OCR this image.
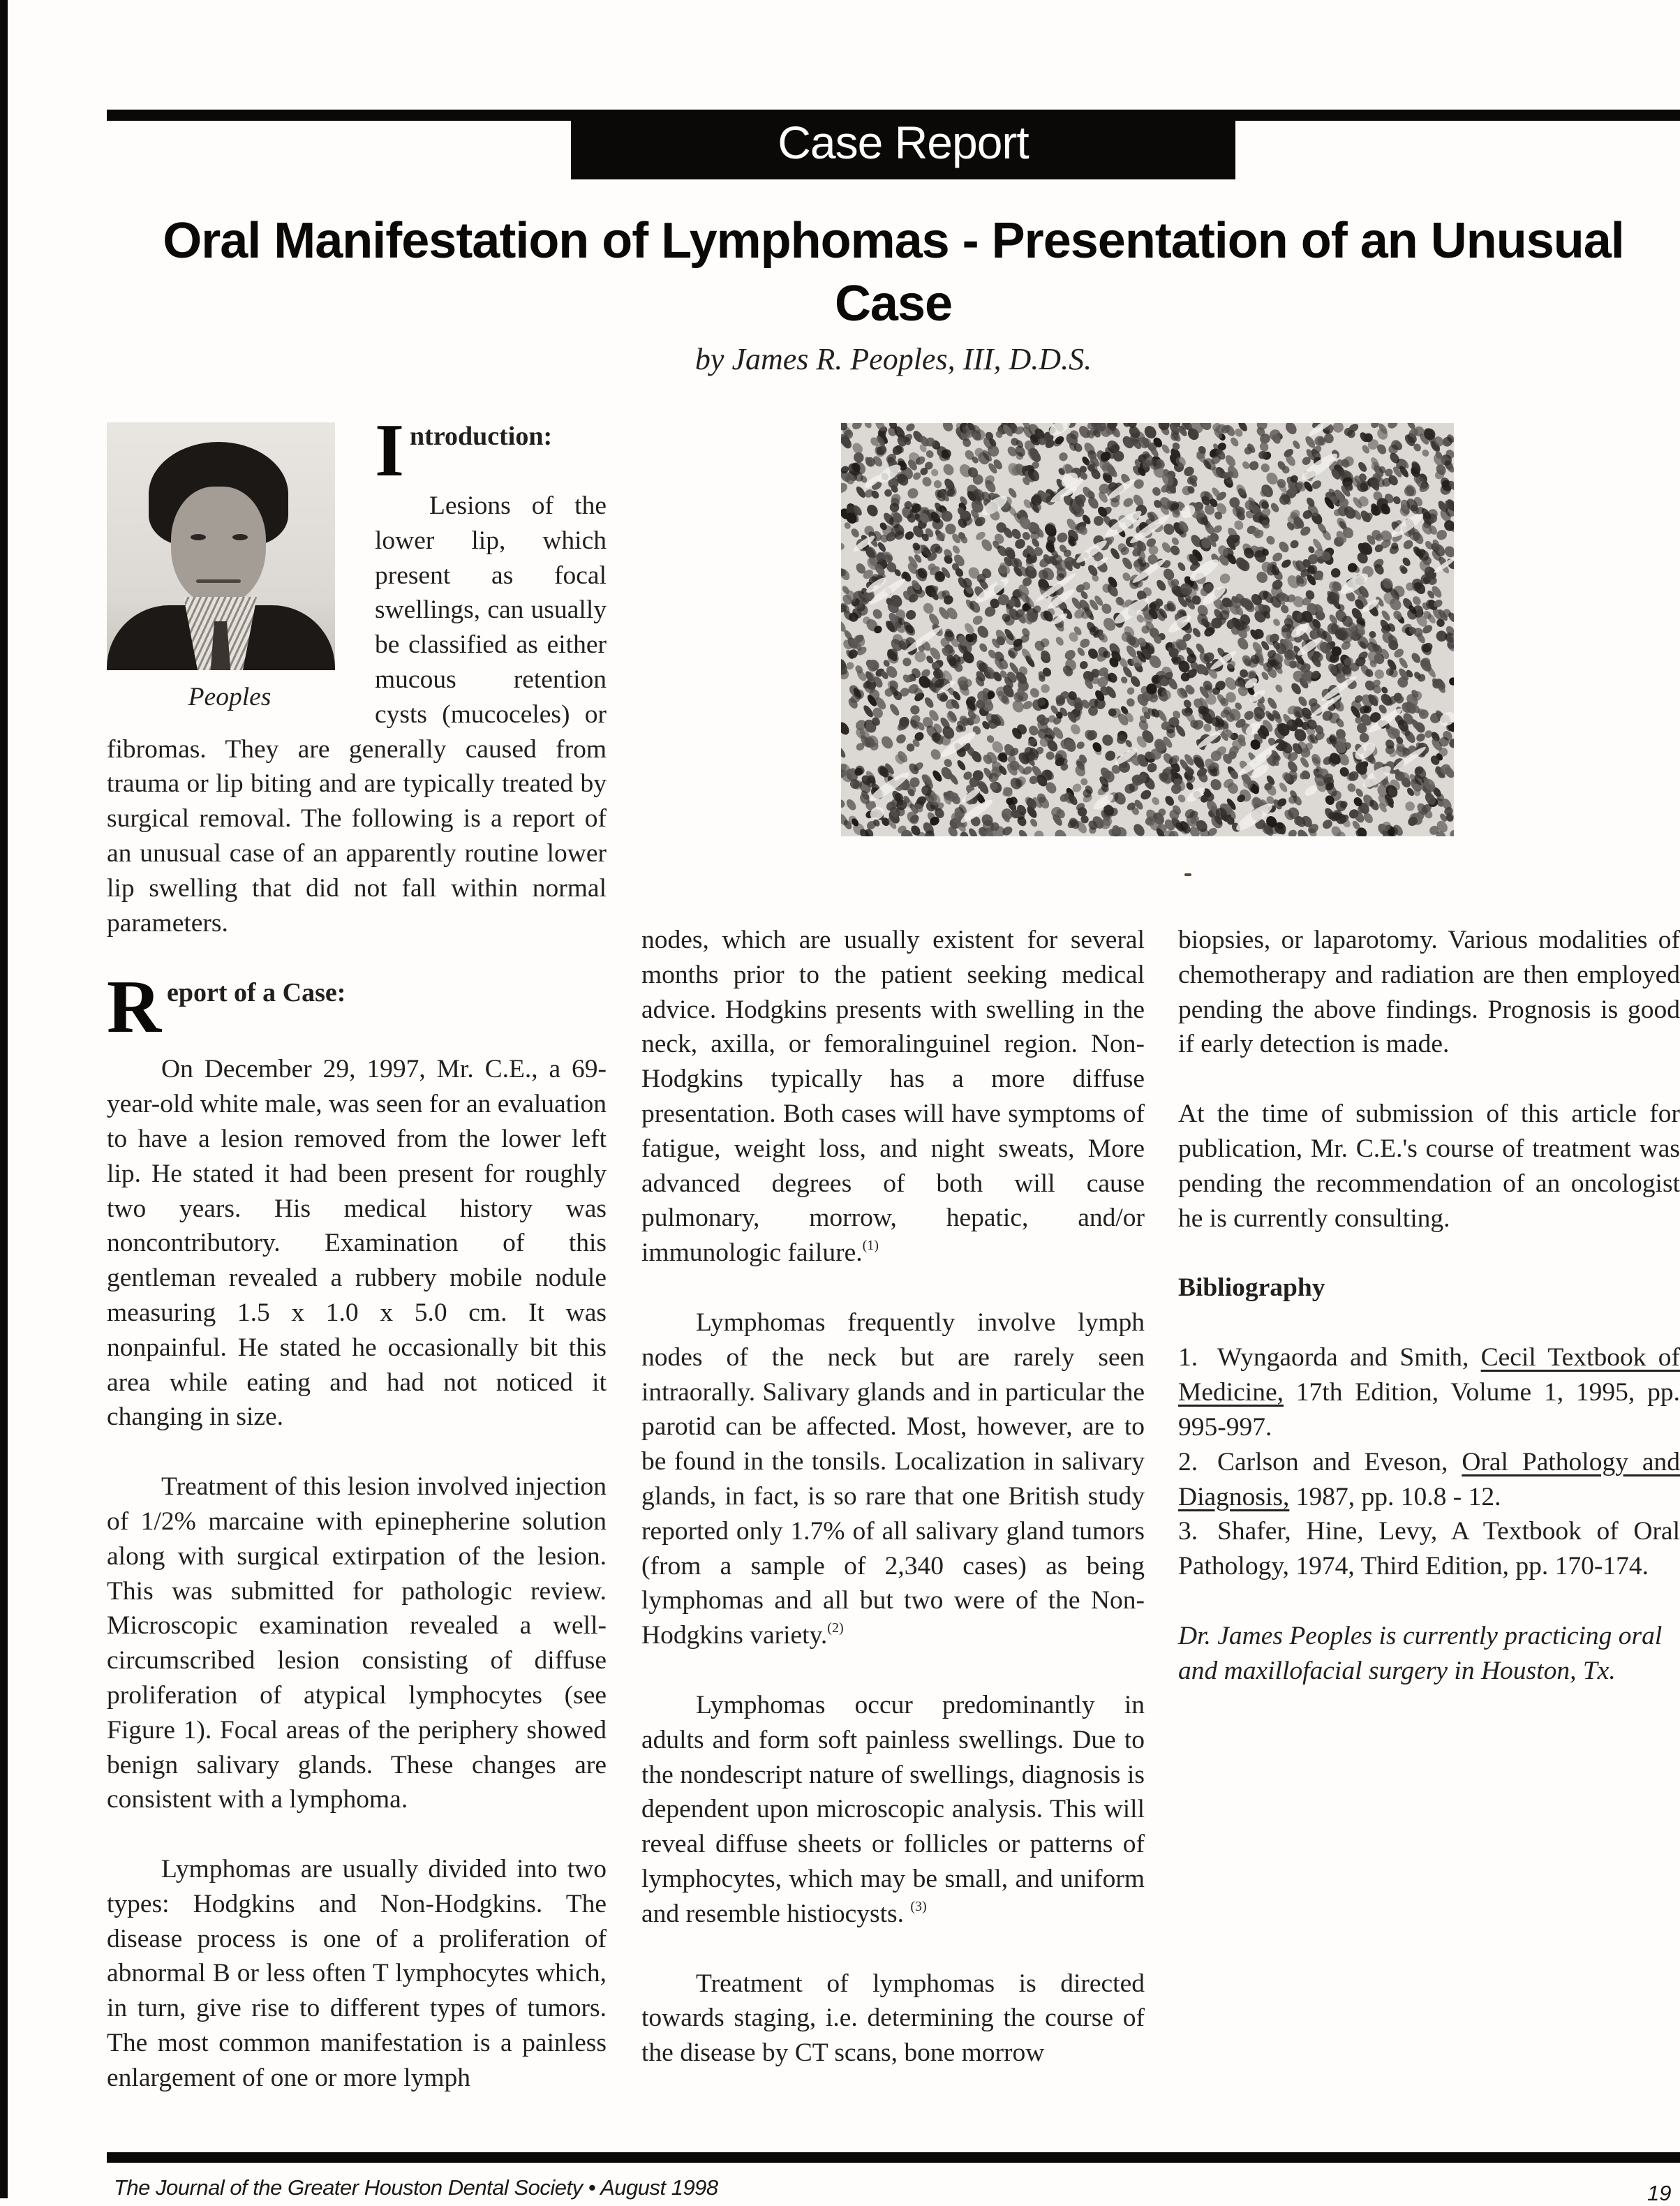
Case Report
Oral Manifestation of Lymphomas - Presentation of an Unusual Case
by James R. Peoples, III, D.D.S.
Peoples
I ntroduction:

Lesions of the lower lip, which present as focal swellings, can usually be classified as either mucous retention cysts (mucoceles) or fibromas. They are generally caused from trauma or lip biting and are typically treated by surgical removal. The following is a report of an unusual case of an apparently routine lower lip swelling that did not fall within normal parameters.

R eport of a Case:

On December 29, 1997, Mr. C.E., a 69-year-old white male, was seen for an evaluation to have a lesion removed from the lower left lip. He stated it had been present for roughly two years. His medical history was noncontributory. Examination of this gentleman revealed a rubbery mobile nodule measuring 1.5 x 1.0 x 5.0 cm. It was nonpainful. He stated he occasionally bit this area while eating and had not noticed it changing in size.

Treatment of this lesion involved injection of 1/2% marcaine with epinepherine solution along with surgical extirpation of the lesion. This was submitted for pathologic review. Microscopic examination revealed a well-circumscribed lesion consisting of diffuse proliferation of atypical lymphocytes (see Figure 1). Focal areas of the periphery showed benign salivary glands. These changes are consistent with a lymphoma.

Lymphomas are usually divided into two types: Hodgkins and Non-Hodgkins. The disease process is one of a proliferation of abnormal B or less often T lymphocytes which, in turn, give rise to different types of tumors. The most common manifestation is a painless enlargement of one or more lymph

nodes, which are usually existent for several months prior to the patient seeking medical advice. Hodgkins presents with swelling in the neck, axilla, or femoralinguinel region. Non-Hodgkins typically has a more diffuse presentation. Both cases will have symptoms of fatigue, weight loss, and night sweats, More advanced degrees of both will cause pulmonary, morrow, hepatic, and/or immunologic failure.$^{(1)}$

Lymphomas frequently involve lymph nodes of the neck but are rarely seen intraorally. Salivary glands and in particular the parotid can be affected. Most, however, are to be found in the tonsils. Localization in salivary glands, in fact, is so rare that one British study reported only 1.7% of all salivary gland tumors (from a sample of 2,340 cases) as being lymphomas and all but two were of the Non-Hodgkins variety.$^{(2)}$

Lymphomas occur predominantly in adults and form soft painless swellings. Due to the nondescript nature of swellings, diagnosis is dependent upon microscopic analysis. This will reveal diffuse sheets or follicles or patterns of lymphocytes, which may be small, and uniform and resemble histiocysts. $^{(3)}$

Treatment of lymphomas is directed towards staging, i.e. determining the course of the disease by CT scans, bone morrow

biopsies, or laparotomy. Various modalities of chemotherapy and radiation are then employed pending the above findings. Prognosis is good if early detection is made.

At the time of submission of this article for publication, Mr. C.E.'s course of treatment was pending the recommendation of an oncologist he is currently consulting.

Bibliography

1. Wyngaorda and Smith, Cecil Textbook of Medicine, 17th Edition, Volume 1, 1995, pp. 995-997.

2. Carlson and Eveson, Oral Pathology and Diagnosis, 1987, pp. 10.8 - 12.

3. Shafer, Hine, Levy, A Textbook of Oral Pathology, 1974, Third Edition, pp. 170-174.

Dr. James Peoples is currently practicing oral and maxillofacial surgery in Houston, Tx.

The Journal of the Greater Houston Dental Society • August 1998	19
